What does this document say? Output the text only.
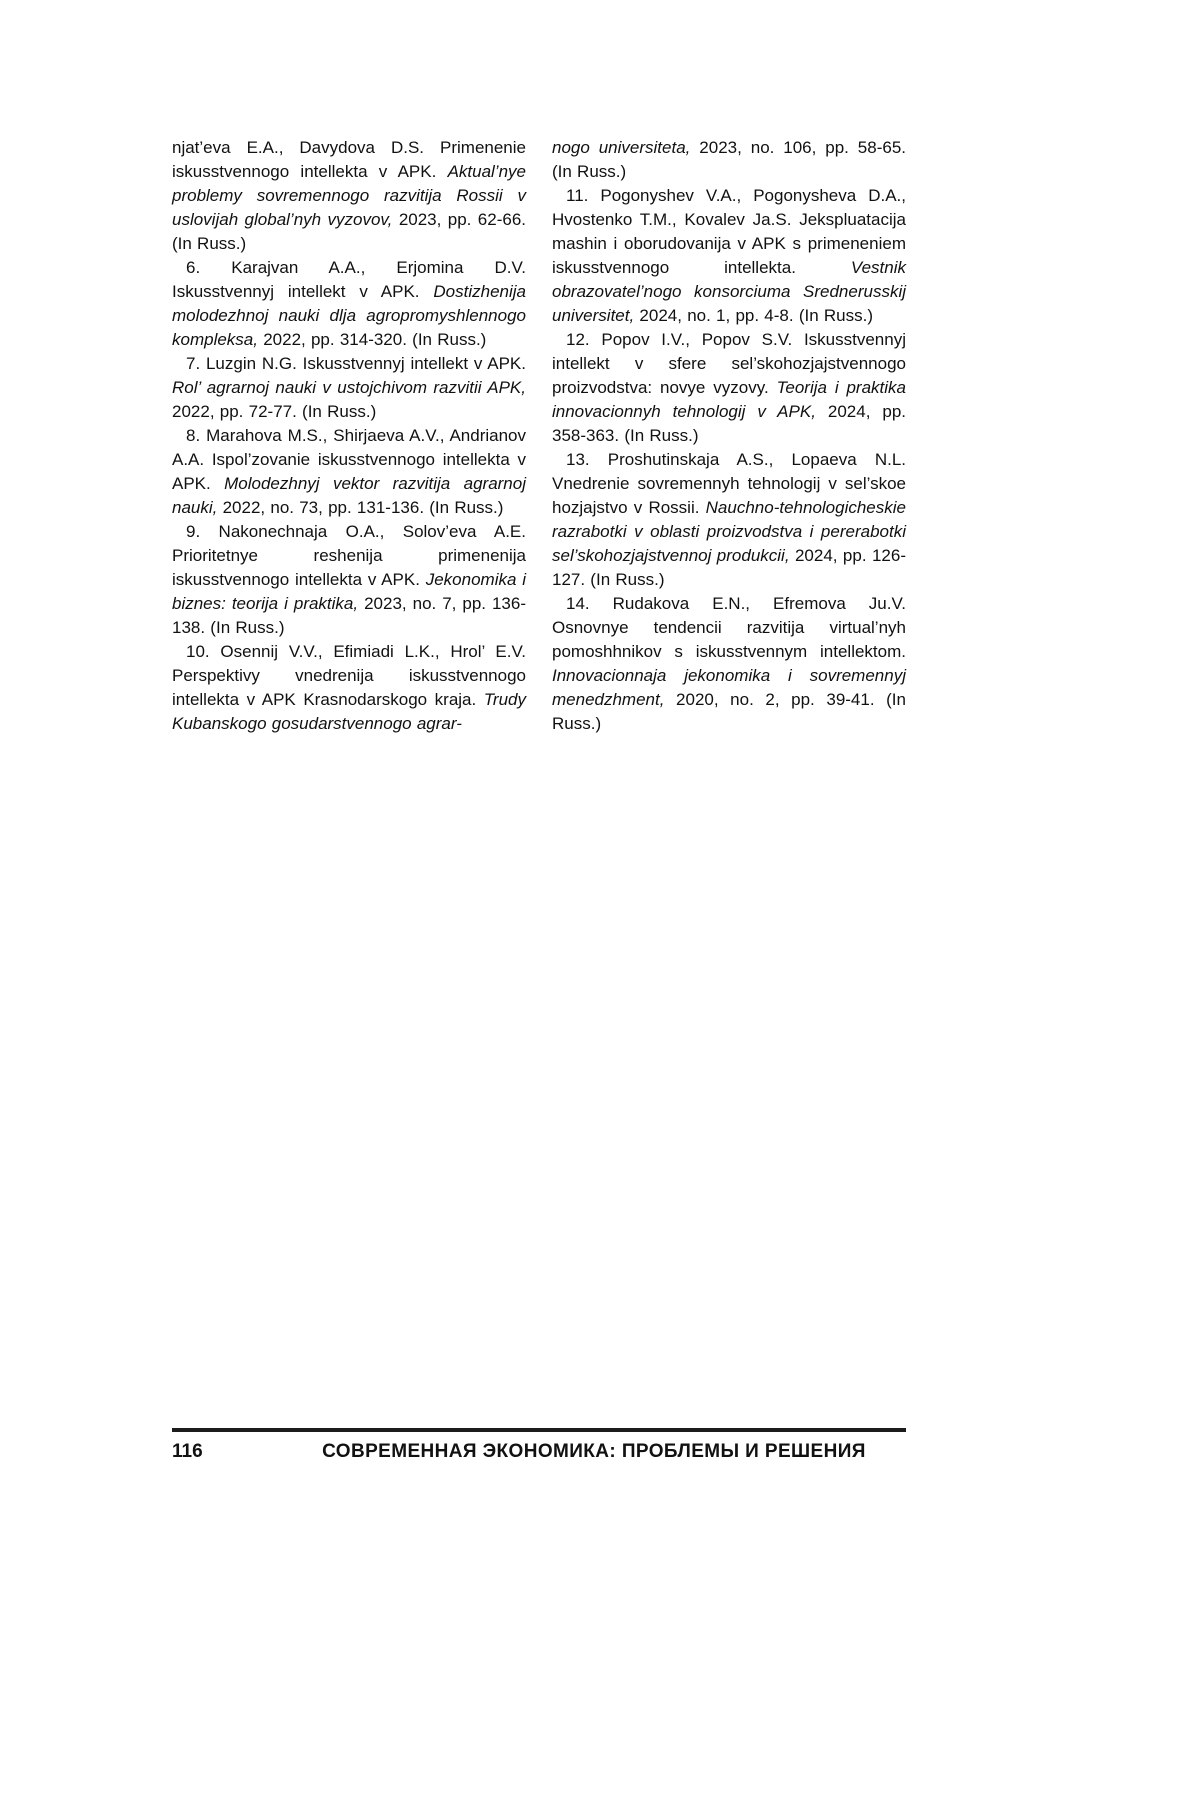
njat’eva E.A., Davydova D.S. Primenenie iskusstvennogo intellekta v APK. Aktual’nye problemy sovremennogo razvitija Rossii v uslovijah global’nyh vyzovov, 2023, pp. 62-66. (In Russ.)

6. Karajvan A.A., Erjomina D.V. Iskusstvennyj intellekt v APK. Dostizhenija molodezhnoj nauki dlja agropromyshlennogo kompleksa, 2022, pp. 314-320. (In Russ.)

7. Luzgin N.G. Iskusstvennyj intellekt v APK. Rol’ agrarnoj nauki v ustojchivom razvitii APK, 2022, pp. 72-77. (In Russ.)

8. Marahova M.S., Shirjaeva A.V., Andrianov A.A. Ispol’zovanie iskusstvennogo intellekta v APK. Molodezhnyj vektor razvitija agrarnoj nauki, 2022, no. 73, pp. 131-136. (In Russ.)

9. Nakonechnaja O.A., Solov’eva A.E. Prioritetnye reshenija primenenija iskusstvennogo intellekta v APK. Jekonomika i biznes: teorija i praktika, 2023, no. 7, pp. 136-138. (In Russ.)

10. Osennij V.V., Efimiadi L.K., Hrol’ E.V. Perspektivy vnedrenija iskusstvennogo intellekta v APK Krasnodarskogo kraja. Trudy Kubanskogo gosudarstvennogo agrar-

nogo universiteta, 2023, no. 106, pp. 58-65. (In Russ.)

11. Pogonyshev V.A., Pogonysheva D.A., Hvostenko T.M., Kovalev Ja.S. Jekspluatacija mashin i oborudovanija v APK s primeneniem iskusstvennogo intellekta. Vestnik obrazovatel’nogo konsorciuma Srednerusskij universitet, 2024, no. 1, pp. 4-8. (In Russ.)

12. Popov I.V., Popov S.V. Iskusstvennyj intellekt v sfere sel’skohozjajstvennogo proizvodstva: novye vyzovy. Teorija i praktika innovacionnyh tehnologij v APK, 2024, pp. 358-363. (In Russ.)

13. Proshutinskaja A.S., Lopaeva N.L. Vnedrenie sovremennyh tehnologij v sel’skoe hozjajstvo v Rossii. Nauchno-tehnologicheskie razrabotki v oblasti proizvodstva i pererabotki sel’skohozjajstvennoj produkcii, 2024, pp. 126-127. (In Russ.)

14. Rudakova E.N., Efremova Ju.V. Osnovnye tendencii razvitija virtual’nyh pomoshhnikov s iskusstvennym intellektom. Innovacionnaja jekonomika i sovremennyj menedzhment, 2020, no. 2, pp. 39-41. (In Russ.)

116	СОВРЕМЕННАЯ ЭКОНОМИКА: ПРОБЛЕМЫ И РЕШЕНИЯ
